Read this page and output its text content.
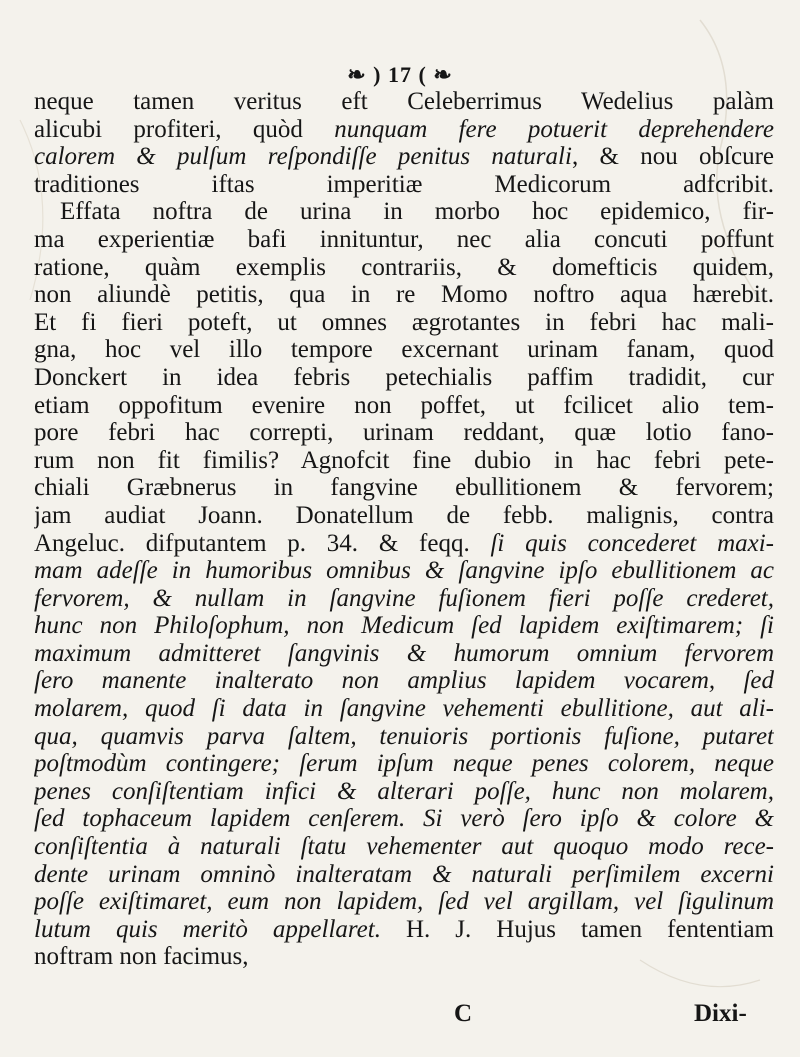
❧ ) 17 ( ❧
neque tamen veritus eft Celeberrimus Wedelius palàm
alicubi profiteri, quòd nunquam fere potuerit deprehendere
calorem & pulſum reſpondiſſe penitus naturali, & nou obſcure
traditiones iftas imperitiæ Medicorum adfcribit.
Effata noftra de urina in morbo hoc epidemico, fir-
ma experientiæ bafi innituntur, nec alia concuti poffunt
ratione, quàm exemplis contrariis, & domefticis quidem,
non aliundè petitis, qua in re Momo noftro aqua hærebit.
Et fi fieri poteft, ut omnes ægrotantes in febri hac mali-
gna, hoc vel illo tempore excernant urinam fanam, quod
Donckert in idea febris petechialis paffim tradidit, cur
etiam oppofitum evenire non poffet, ut fcilicet alio tem-
pore febri hac correpti, urinam reddant, quæ lotio fano-
rum non fit fimilis? Agnofcit fine dubio in hac febri pete-
chiali Græbnerus in fangvine ebullitionem & fervorem;
jam audiat Joann. Donatellum de febb. malignis, contra
Angeluc. difputantem p. 34. & feqq. ſi quis concederet maxi-
mam adeſſe in humoribus omnibus & ſangvine ipſo ebullitionem ac
fervorem, & nullam in ſangvine fuſionem fieri poſſe crederet,
hunc non Philoſophum, non Medicum ſed lapidem exiſtimarem; ſi
maximum admitteret ſangvinis & humorum omnium fervorem
ſero manente inalterato non amplius lapidem vocarem, ſed
molarem, quod ſi data in ſangvine vehementi ebullitione, aut ali-
qua, quamvis parva ſaltem, tenuioris portionis fuſione, putaret
poſtmodùm contingere; ſerum ipſum neque penes colorem, neque
penes conſiſtentiam infici & alterari poſſe, hunc non molarem,
ſed tophaceum lapidem cenſerem. Si verò ſero ipſo & colore &
conſiſtentia à naturali ſtatu vehementer aut quoquo modo rece-
dente urinam omninò inalteratam & naturali perſimilem excerni
poſſe exiſtimaret, eum non lapidem, ſed vel argillam, vel ſigulinum
lutum quis meritò appellaret. H. J. Hujus tamen fententiam
noftram non facimus,
C	Dixi-
